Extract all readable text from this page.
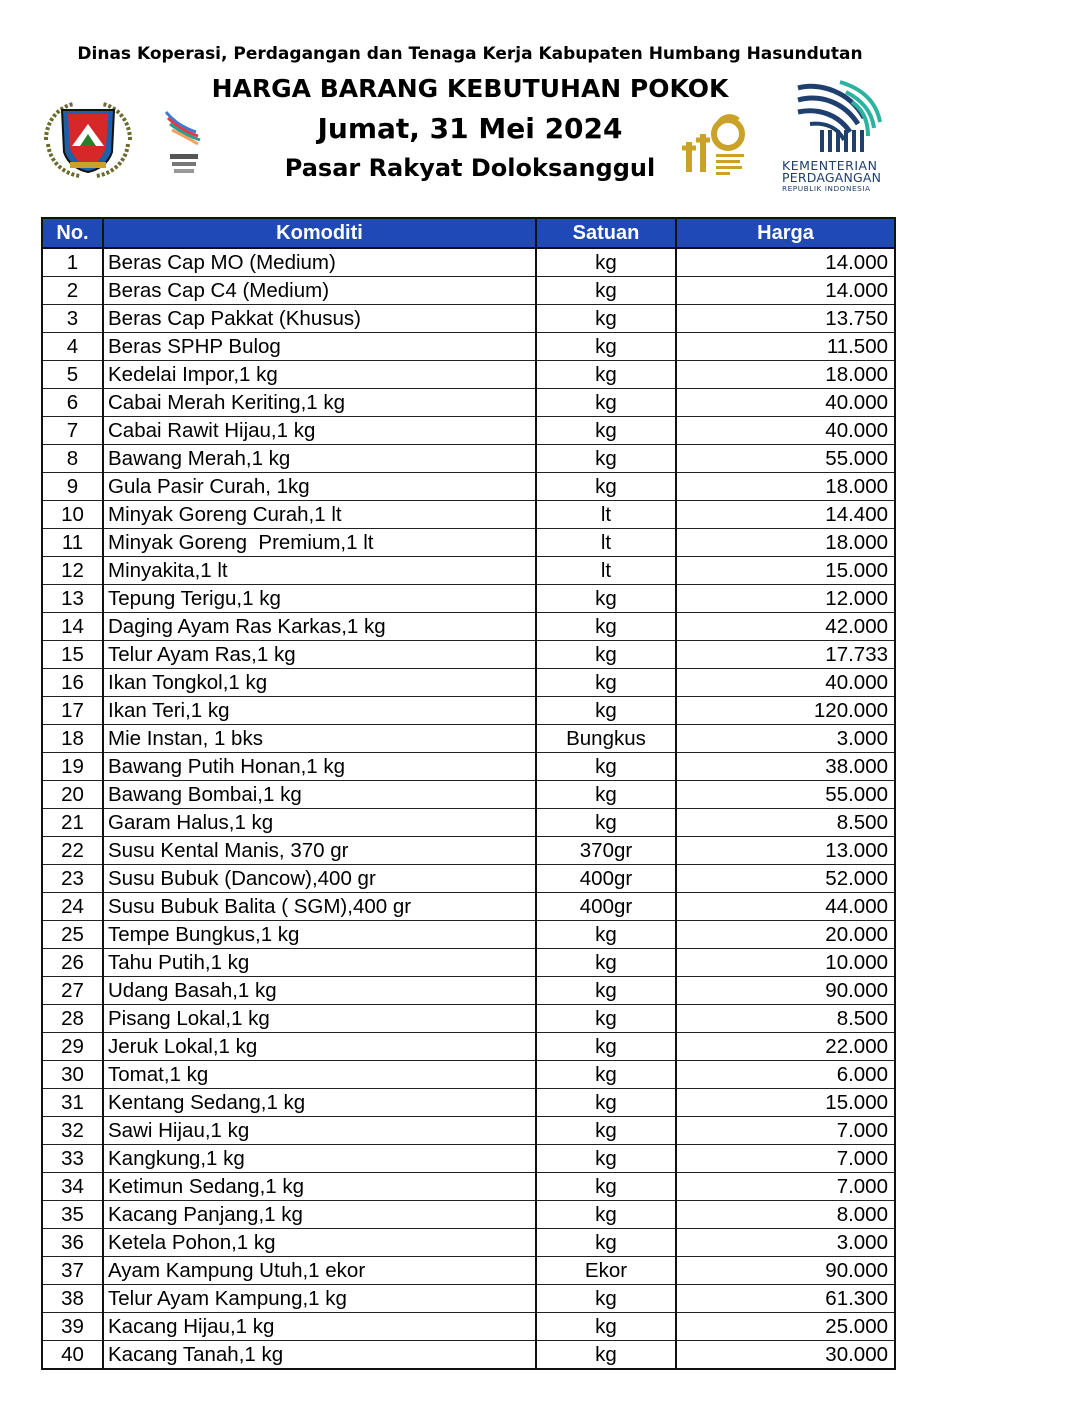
Dinas Koperasi, Perdagangan dan Tenaga Kerja Kabupaten Humbang Hasundutan
HARGA BARANG KEBUTUHAN POKOK
Jumat, 31 Mei 2024
Pasar Rakyat Doloksanggul	KEMENTERIAN
PERDAGANGAN
REPUBLIK INDONESIA
No.	Komoditi	Satuan	Harga
1	Beras Cap MO (Medium)	kg	14.000
2	Beras Cap C4 (Medium)	kg	14.000
3	Beras Cap Pakkat (Khusus)	kg	13.750
4	Beras SPHP Bulog	kg	11.500
5	Kedelai Impor,1 kg	kg	18.000
6	Cabai Merah Keriting,1 kg	kg	40.000
7	Cabai Rawit Hijau,1 kg	kg	40.000
8	Bawang Merah,1 kg	kg	55.000
9	Gula Pasir Curah, 1kg	kg	18.000
10	Minyak Goreng Curah,1 lt	lt	14.400
11	Minyak Goreng  Premium,1 lt	lt	18.000
12	Minyakita,1 lt	lt	15.000
13	Tepung Terigu,1 kg	kg	12.000
14	Daging Ayam Ras Karkas,1 kg	kg	42.000
15	Telur Ayam Ras,1 kg	kg	17.733
16	Ikan Tongkol,1 kg	kg	40.000
17	Ikan Teri,1 kg	kg	120.000
18	Mie Instan, 1 bks	Bungkus	3.000
19	Bawang Putih Honan,1 kg	kg	38.000
20	Bawang Bombai,1 kg	kg	55.000
21	Garam Halus,1 kg	kg	8.500
22	Susu Kental Manis, 370 gr	370gr	13.000
23	Susu Bubuk (Dancow),400 gr	400gr	52.000
24	Susu Bubuk Balita ( SGM),400 gr	400gr	44.000
25	Tempe Bungkus,1 kg	kg	20.000
26	Tahu Putih,1 kg	kg	10.000
27	Udang Basah,1 kg	kg	90.000
28	Pisang Lokal,1 kg	kg	8.500
29	Jeruk Lokal,1 kg	kg	22.000
30	Tomat,1 kg	kg	6.000
31	Kentang Sedang,1 kg	kg	15.000
32	Sawi Hijau,1 kg	kg	7.000
33	Kangkung,1 kg	kg	7.000
34	Ketimun Sedang,1 kg	kg	7.000
35	Kacang Panjang,1 kg	kg	8.000
36	Ketela Pohon,1 kg	kg	3.000
37	Ayam Kampung Utuh,1 ekor	Ekor	90.000
38	Telur Ayam Kampung,1 kg	kg	61.300
39	Kacang Hijau,1 kg	kg	25.000
40	Kacang Tanah,1 kg	kg	30.000
